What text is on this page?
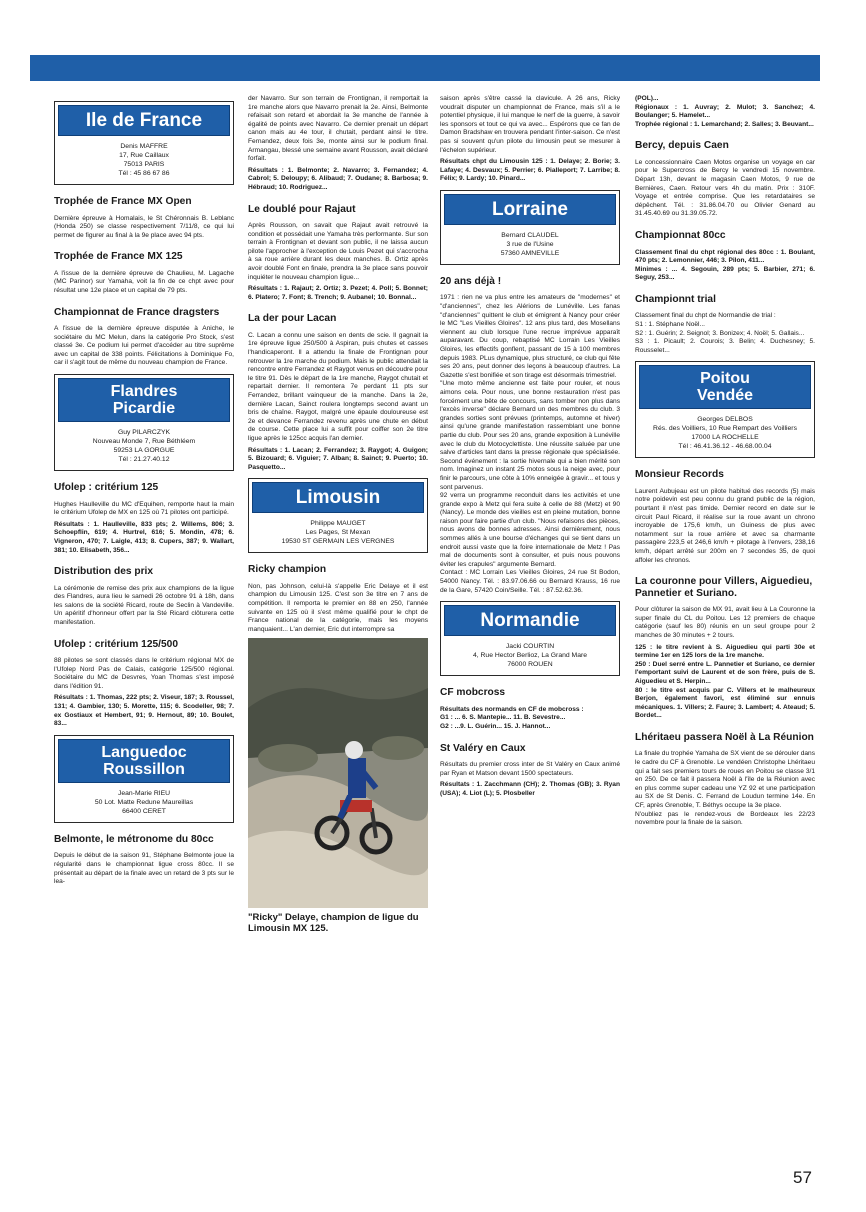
Ile de France
Denis MAFFRE
17, Rue Caillaux
75013 PARIS
Tél : 45 86 67 86
Trophée de France MX Open
Dernière épreuve à Homalais, le St Chéronnais B. Leblanc (Honda 250) se classe respectivement 7/11/8, ce qui lui permet de figurer au final à la 9e place avec 94 pts.
Trophée de France MX 125
A l'issue de la dernière épreuve de Chaulieu, M. Lagache (MC Parinor) sur Yamaha, voit la fin de ce chpt avec pour résultat une 12e place et un capital de 79 pts.
Championnat de France dragsters
A l'issue de la dernière épreuve disputée à Aniche, le sociétaire du MC Melun, dans la catégorie Pro Stock, s'est classé 3e. Ce podium lui permet d'accéder au titre suprême avec un capital de 338 points. Félicitations à Dominique Fo, car il s'agit tout de même du nouveau champion de France.
Flandres
Picardie
Guy PILARCZYK
Nouveau Monde 7, Rue Béthléem
59253 LA GORGUE
Tél : 21.27.40.12
Ufolep : critérium 125
Hughes Haulleville du MC d'Equihen, remporte haut la main le critérium Ufolep de MX en 125 où 71 pilotes ont participé.
Résultats : 1. Haulleville, 833 pts; 2. Willems, 806; 3. Schoepflin, 619; 4. Hurtrel, 616; 5. Mondin, 478; 6. Vigneron, 470; 7. Laigle, 413; 8. Cupers, 387; 9. Wallart, 381; 10. Elisabeth, 356...
Distribution des prix
La cérémonie de remise des prix aux champions de la ligue des Flandres, aura lieu le samedi 26 octobre 91 à 18h, dans les salons de la société Ricard, route de Seclin à Vandeville. Un apéritif d'honneur offert par la Sté Ricard clôturera cette manifestation.
Ufolep : critérium 125/500
88 pilotes se sont classés dans le critérium régional MX de l'Ufolep Nord Pas de Calais, catégorie 125/500 régional. Sociétaire du MC de Desvres, Yoan Thomas s'est imposé dans l'édition 91.
Résultats : 1. Thomas, 222 pts; 2. Viseur, 187; 3. Roussel, 131; 4. Gambier, 130; 5. Morette, 115; 6. Scodeller, 98; 7. ex Gostiaux et Hembert, 91; 9. Hernout, 89; 10. Boulet, 83...
Languedoc
Roussillon
Jean-Marie RIEU
50 Lot. Matte Redune Maureillas
66400 CERET
Belmonte, le métronome du 80cc
Depuis le début de la saison 91, Stéphane Belmonte joue la régularité dans le championnat ligue cross 80cc. Il se présentait au départ de la finale avec un retard de 3 pts sur le lea-
der Navarro. Sur son terrain de Frontignan, il remportait la 1re manche alors que Navarro prenait la 2e. Ainsi, Belmonte refaisait son retard et abordait la 3e manche de l'année à égalité de points avec Navarro. Ce dernier prenait un départ canon mais au 4e tour, il chutait, perdant ainsi le titre. Fernandez, deux fois 3e, monte ainsi sur le podium final. Armangau, blessé une semaine avant Rousson, avait déclaré forfait.
Résultats : 1. Belmonte; 2. Navarro; 3. Fernandez; 4. Cabrol; 5. Deloupy; 6. Alibaud; 7. Oudane; 8. Barbosa; 9. Hébraud; 10. Rodriguez...
Le doublé pour Rajaut
Après Rousson, on savait que Rajaut avait retrouvé la condition et possédait une Yamaha très performante. Sur son terrain à Frontignan et devant son public, il ne laissa aucun pilote l'approcher à l'exception de Louis Pezet qui s'accrocha à sa roue arrière durant les deux manches. B. Ortiz après avoir doublé Font en finale, prendra la 3e place sans pouvoir inquiéter le nouveau champion ligue...
Résultats : 1. Rajaut; 2. Ortiz; 3. Pezet; 4. Poll; 5. Bonnet; 6. Platero; 7. Font; 8. Trench; 9. Aubanel; 10. Bonnal...
La der pour Lacan
C. Lacan a connu une saison en dents de scie. Il gagnait la 1re épreuve ligue 250/500 à Aspiran, puis chutes et casses l'handicaperont. Il a attendu la finale de Frontignan pour retrouver la 1re marche du podium. Mais le public attendait la rencontre entre Ferrandez et Raygot venus en découdre pour le titre 91. Dès le départ de la 1re manche, Raygot chutait et repartait dernier. Il remontera 7e perdant 11 pts sur Ferrandez, brillant vainqueur de la manche. Dans la 2e, dernière Lacan, Sainct roulera longtemps second avant un bris de chaîne. Raygot, malgré une épaule douloureuse est 2e et devance Ferrandez revenu après une chute en début de course. Cette place lui a suffit pour coiffer son 2e titre ligue après le 125cc acquis l'an dernier.
Résultats : 1. Lacan; 2. Ferrandez; 3. Raygot; 4. Guigon; 5. Bizouard; 6. Viguier; 7. Alban; 8. Sainct; 9. Puerto; 10. Pasquetto...
Limousin
Philippe MAUGET
Les Pages, St Mexan
19530 ST GERMAIN LES VERGNES
Ricky champion
Non, pas Johnson, celui-là s'appelle Eric Delaye et il est champion du Limousin 125. C'est son 3e titre en 7 ans de compétition. Il remporta le premier en 88 en 250, l'année suivante en 125 où il s'est même qualifié pour le chpt de France national de la catégorie, mais les moyens manquaient... L'an dernier, Eric dut interrompre sa
"Ricky" Delaye, champion de ligue du Limousin MX 125.
saison après s'être cassé la clavicule. A 26 ans, Ricky voudrait disputer un championnat de France, mais s'il a le potentiel physique, il lui manque le nerf de la guerre, à savoir les sponsors et tout ce qui va avec... Espérons que ce fan de Damon Bradshaw en trouvera pendant l'inter-saison. Ce n'est pas si souvent qu'un pilote du limousin peut se mesurer à l'échelon supérieur.
Résultats chpt du Limousin 125 : 1. Delaye; 2. Borie; 3. Lafaye; 4. Desvaux; 5. Perrier; 6. Pialleport; 7. Larribe; 8. Félix; 9. Lardy; 10. Pinard...
Lorraine
Bernard CLAUDEL
3 rue de l'Usine
57360 AMNEVILLE
20 ans déjà !
1971 : rien ne va plus entre les amateurs de "modernes" et "d'anciennes", chez les Alérions de Lunéville. Les fanas "d'anciennes" quittent le club et émigrent à Nancy pour créer le MC "Les Vieilles Gloires". 12 ans plus tard, des Mosellans viennent au club lorsque l'une recrue imprévue apparaît auparavant. Du coup, rebaptisé MC Lorrain Les Vieilles Gloires, les effectifs gonflent, passant de 15 à 100 membres depuis 1983. PLus dynamique, plus structuré, ce club qui fête ses 20 ans, peut donner des leçons à beaucoup d'autres. La Gazette s'est bonifiée et son tirage est désormais trimestriel.
"Une moto même ancienne est faite pour rouler, et nous aimons cela. Pour nous, une bonne restauration n'est pas forcément une bête de concours, sans tomber non plus dans l'excès inverse" déclare Bernard un des membres du club. 3 grandes sorties sont prévues (printemps, automne et hiver) ainsi qu'une grande manifestation rassemblant une bonne partie du club. Pour ses 20 ans, grande exposition à Lunéville avec le club du Motocyclettiste. Une réussite saluée par une salve d'articles tant dans la presse régionale que spécialisée. Second événement : la sortie hivernale qui a bien mérité son nom. Imaginez un instant 25 motos sous la neige avec, pour finir le parcours, une côte à 10% enneigée à gravir... et tous y sont parvenus.
92 verra un programme reconduit dans les activités et une grande expo à Metz qui fera suite à celle de 88 (Metz) et 90 (Nancy). Le monde des vieilles est en pleine mutation, bonne raison pour faire partie d'un club. "Nous refaisons des pièces, nous avons de bonnes adresses. Ainsi dernièrement, nous sommes allés à une bourse d'échanges qui se tient dans un endroit aussi vaste que la foire internationale de Metz ! Pas mal de documents sont à consulter, et puis nous pouvons éviter les crapules" argumente Bernard.
Contact : MC Lorrain Les Vieilles Gloires, 24 rue St Bodon, 54000 Nancy. Tél. : 83.97.06.66 ou Bernard Krauss, 16 rue de la Gare, 57420 Coin/Seille. Tél. : 87.52.62.36.
Normandie
Jacki COURTIN
4, Rue Hector Berlioz, La Grand Mare
76000 ROUEN
CF mobcross
Résultats des normands en CF de mobcross :
G1 : ... 6. S. Mantepie... 11. B. Sevestre...
G2 : ...9. L. Guérin... 15. J. Hannot...
St Valéry en Caux
Résultats du premier cross inter de St Valéry en Caux animé par Ryan et Matson devant 1500 spectateurs.
Résultats : 1. Zacchmann (CH); 2. Thomas (GB); 3. Ryan (USA); 4. Liot (L); 5. Plosbeller
(POL)...
Régionaux : 1. Auvray; 2. Mulot; 3. Sanchez; 4. Boulanger; 5. Hamelet...
Trophée régional : 1. Lemarchand; 2. Salles; 3. Beuvant...
Bercy, depuis Caen
Le concessionnaire Caen Motos organise un voyage en car pour le Supercross de Bercy le vendredi 15 novembre. Départ 13h, devant le magasin Caen Motos, 9 rue de Bernières, Caen. Retour vers 4h du matin. Prix : 310F. Voyage et entrée comprise. Que les retardataires se dépêchent. Tél. : 31.86.04.70 ou Olivier Genard au 31.45.40.69 ou 31.39.05.72.
Championnat 80cc
Classement final du chpt régional des 80cc : 1. Boulant, 470 pts; 2. Lemonnier, 446; 3. Pilon, 411...
Minimes : ... 4. Segouin, 289 pts; 5. Barbier, 271; 6. Seguy, 253...
Championnt trial
Classement final du chpt de Normandie de trial :
S1 : 1. Stéphane Noël...
S2 : 1. Guérin; 2. Seignol; 3. Bonizex; 4. Noël; 5. Gallais...
S3 : 1. Picault; 2. Courois; 3. Belin; 4. Duchesney; 5. Rousselet...
Poitou
Vendée
Georges DELBOS
Rés. des Voilliers, 10 Rue Rempart des Voilliers
17000 LA ROCHELLE
Tél : 46.41.36.12 - 46.68.00.04
Monsieur Records
Laurent Aubujeau est un pilote habitué des records (5) mais notre poidevin est peu connu du grand public de la région, pourtant il n'est pas timide. Dernier record en date sur le circuit Paul Ricard, il réalise sur la roue avant un chrono incroyable de 175,6 km/h, un Guiness de plus avec notamment sur la roue arrière et avec sa charmante passagère 223,5 et 246,6 km/h + pilotage à l'envers, 238,16 km/h, départ arrêté sur 200m en 7 secondes 35, de quoi affoler les chronos.
La couronne pour Villers, Aiguedieu, Pannetier et Suriano.
Pour clôturer la saison de MX 91, avait lieu à La Couronne la super finale du CL du Poitou. Les 12 premiers de chaque catégorie (sauf les 80) réunis en un seul groupe pour 2 manches de 30 minutes + 2 tours.
125 : le titre revient à S. Aiguedieu qui parti 30e et termine 1er en 125 lors de la 1re manche.
250 : Duel serré entre L. Pannetier et Suriano, ce dernier l'emportant suivi de Laurent et de son frère, puis de S. Aiguedieu et S. Herpin...
80 : le titre est acquis par C. Villers et le malheureux Berjon, également favori, est éliminé sur ennuis mécaniques. 1. Villers; 2. Faure; 3. Lambert; 4. Ateaud; 5. Bordet...
Lhéritaeu passera Noël à La Réunion
La finale du trophée Yamaha de SX vient de se dérouler dans le cadre du CF à Grenoble. Le vendéen Christophe Lhéritaeu qui a fait ses premiers tours de roues en Poitou se classe 3/1 en 250. De ce fait il passera Noël à l'île de la Réunion avec en plus comme super cadeau une YZ 92 et une participation au SX de St Denis. C. Ferrand de Loudun termine 14e. En CF, après Grenoble, T. Béthys occupe la 3e place.
N'oubliez pas le rendez-vous de Bordeaux les 22/23 novembre pour la finale de la saison.
57
